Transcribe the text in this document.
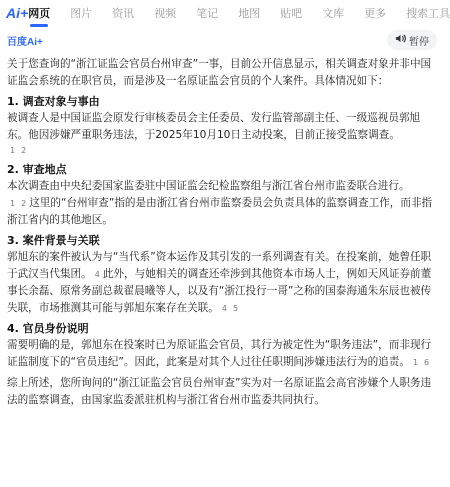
Ai+ 网页 图片 资讯 视频 笔记 地图 贴吧 文库 更多 搜索工具
百度Ai+	暂停

关于您查询的“浙江证监会官员台州审查”一事，目前公开信息显示，相关调查对象并非中国证监会系统的在职官员，而是涉及一名原证监会官员的个人案件。具体情况如下：

1. 调查对象与事由

被调查人是中国证监会原发行审核委员会主任委员、发行监管部副主任、一级巡视员郭旭东。他因涉嫌严重职务违法，于2025年10月10日主动投案，目前正接受监察调查。

1 2
2. 审查地点

本次调查由中央纪委国家监委驻中国证监会纪检监察组与浙江省台州市监委联合进行。
1 2 这里的“台州审查”指的是由浙江省台州市监察委员会负责具体的监察调查工作，而非指浙江省内的其他地区。

3. 案件背景与关联

郭旭东的案件被认为与“当代系”资本运作及其引发的一系列调查有关。在投案前，她曾任职于武汉当代集团。 4 此外，与她相关的调查还牵涉到其他资本市场人士，例如天风证券前董事长余磊、原常务副总裁翟晨曦等人，以及有“浙江投行一哥”之称的国泰海通朱东辰也被传失联，市场推测其可能与郭旭东案存在关联。 4 5

4. 官员身份说明

需要明确的是，郭旭东在投案时已为原证监会官员，其行为被定性为“职务违法”，而非现行证监制度下的“官员违纪”。因此，此案是对其个人过往任职期间涉嫌违法行为的追责。 1 6

综上所述，您所询问的“浙江证监会官员台州审查”实为对一名原证监会高官涉嫌个人职务违法的监察调查，由国家监委派驻机构与浙江省台州市监委共同执行。
